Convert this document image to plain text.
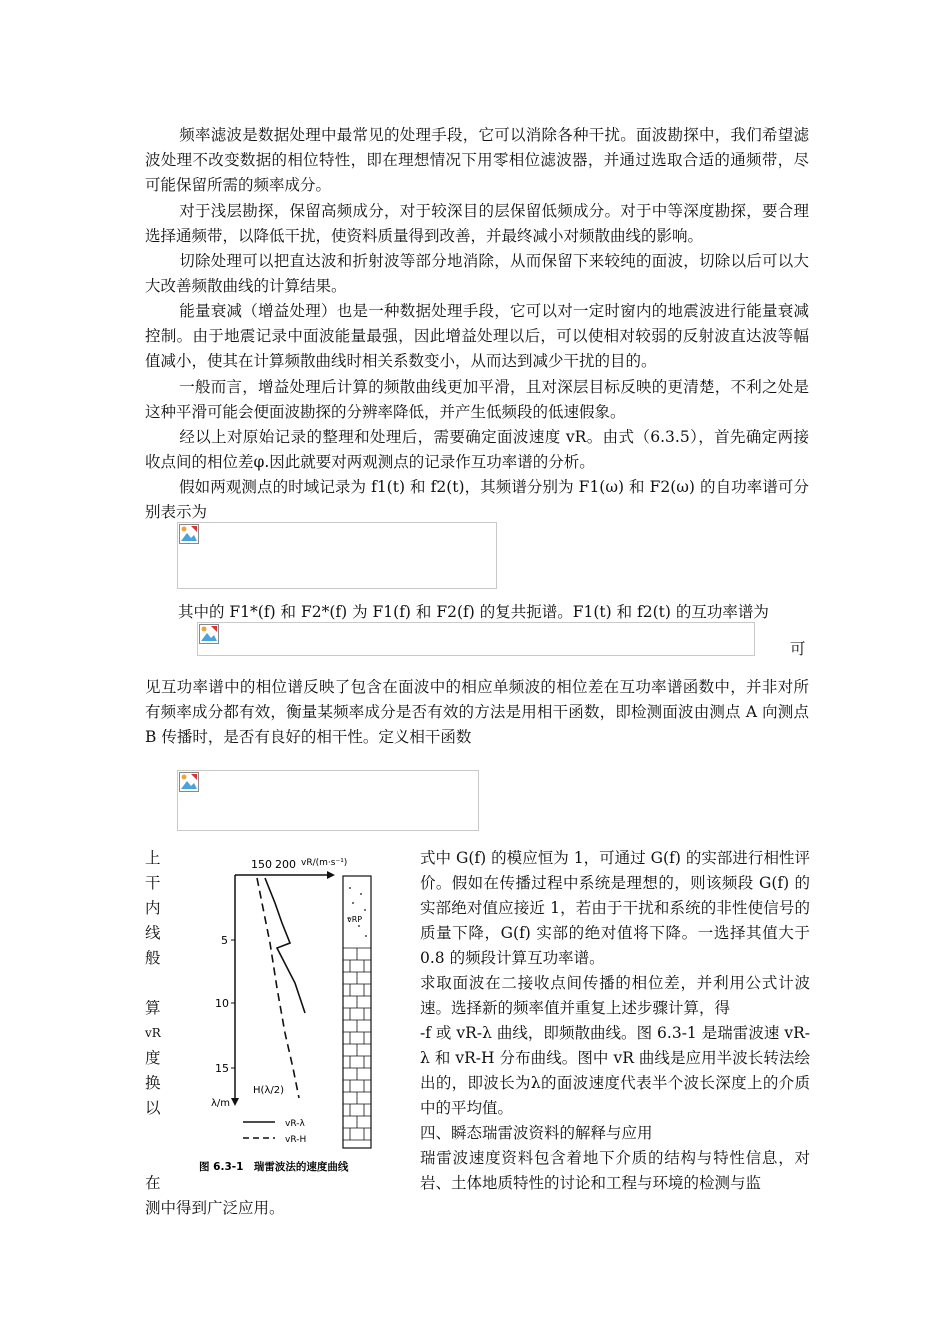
频率滤波是数据处理中最常见的处理手段，它可以消除各种干扰。面波勘探中，我们希望滤波处理不改变数据的相位特性，即在理想情况下用零相位滤波器，并通过选取合适的通频带，尽可能保留所需的频率成分。

对于浅层勘探，保留高频成分，对于较深目的层保留低频成分。对于中等深度勘探，要合理选择通频带，以降低干扰，使资料质量得到改善，并最终减小对频散曲线的影响。

切除处理可以把直达波和折射波等部分地消除，从而保留下来较纯的面波，切除以后可以大大改善频散曲线的计算结果。

能量衰减（增益处理）也是一种数据处理手段，它可以对一定时窗内的地震波进行能量衰减控制。由于地震记录中面波能量最强，因此增益处理以后，可以使相对较弱的反射波直达波等幅值减小，使其在计算频散曲线时相关系数变小，从而达到减少干扰的目的。

一般而言，增益处理后计算的频散曲线更加平滑，且对深层目标反映的更清楚，不利之处是这种平滑可能会便面波勘探的分辨率降低，并产生低频段的低速假象。

经以上对原始记录的整理和处理后，需要确定面波速度 vR。由式（6.3.5），首先确定两接收点间的相位差φ.因此就要对两观测点的记录作互功率谱的分析。

假如两观测点的时域记录为 f1(t) 和 f2(t)，其频谱分别为 F1(ω) 和 F2(ω) 的自功率谱可分别表示为

其中的 F1*(f) 和 F2*(f) 为 F1(f) 和 F2(f) 的复共扼谱。F1(t) 和 f2(t) 的互功率谱为

可

见互功率谱中的相位谱反映了包含在面波中的相应单频波的相位差在互功率谱函数中，并非对所有频率成分都有效，衡量某频率成分是否有效的方法是用相干函数，即检测面波由测点 A 向测点 B 传播时，是否有良好的相干性。定义相干函数

上
干
内
线
般
算
vR
度
换
以
在
150 200 vR/(m·s⁻¹)
5
10
15
λ/m
H(λ/2)
vRP
vR-λ
vR-H
图 6.3-1　瑞雷波法的速度曲线

式中 G(f) 的模应恒为 1，可通过 G(f) 的实部进行相性评价。假如在传播过程中系统是理想的，则该频段 G(f) 的实部绝对值应接近 1，若由于干扰和系统的非性使信号的质量下降，G(f) 实部的绝对值将下降。一选择其值大于 0.8 的频段计算互功率谱。

求取面波在二接收点间传播的相位差，并利用公式计波速。选择新的频率值并重复上述步骤计算，得

-f 或 vR-λ 曲线，即频散曲线。图 6.3-1 是瑞雷波速 vR-λ 和 vR-H 分布曲线。图中 vR 曲线是应用半波长转法绘出的，即波长为λ的面波速度代表半个波长深度上的介质中的平均值。

四、瞬态瑞雷波资料的解释与应用

瑞雷波速度资料包含着地下介质的结构与特性信息，对岩、土体地质特性的讨论和工程与环境的检测与监

测中得到广泛应用。
